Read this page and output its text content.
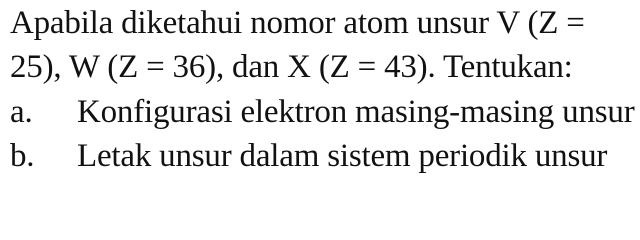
Apabila diketahui nomor atom unsur V (Z =
25), W (Z = 36), dan X (Z = 43). Tentukan:
a.	Konfigurasi elektron masing-masing unsur
b.	Letak unsur dalam sistem periodik unsur
